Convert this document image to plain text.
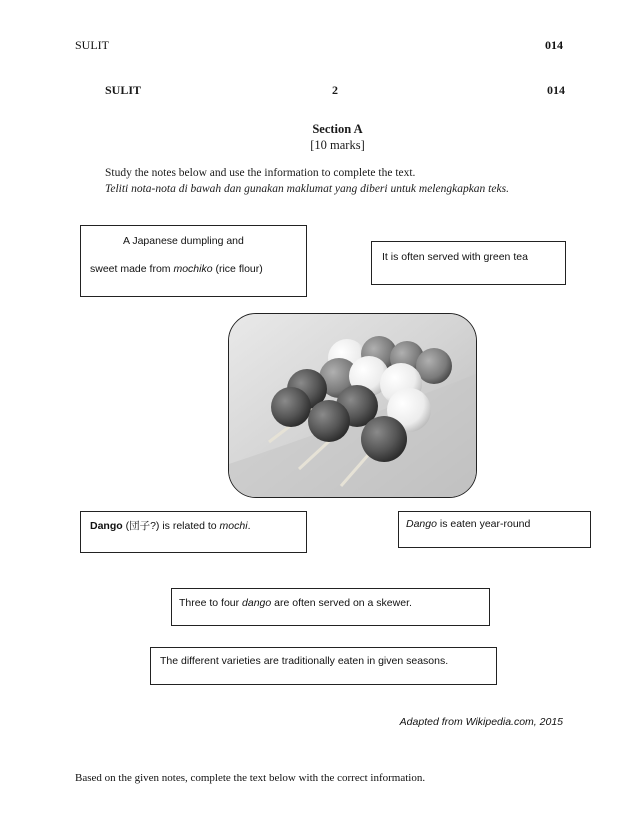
SULIT	014
SULIT	2	014
Section A
[10 marks]
Study the notes below and use the information to complete the text.
Teliti nota-nota di bawah dan gunakan maklumat yang diberi untuk melengkapkan teks.
A Japanese dumpling and
sweet made from mochiko (rice flour)
It is often served with green tea
Dango (団子?) is related to mochi.	Dango is eaten year-round
Three to four dango are often served on a skewer.
The different varieties are traditionally eaten in given seasons.
Adapted from Wikipedia.com, 2015
Based on the given notes, complete the text below with the correct information.
